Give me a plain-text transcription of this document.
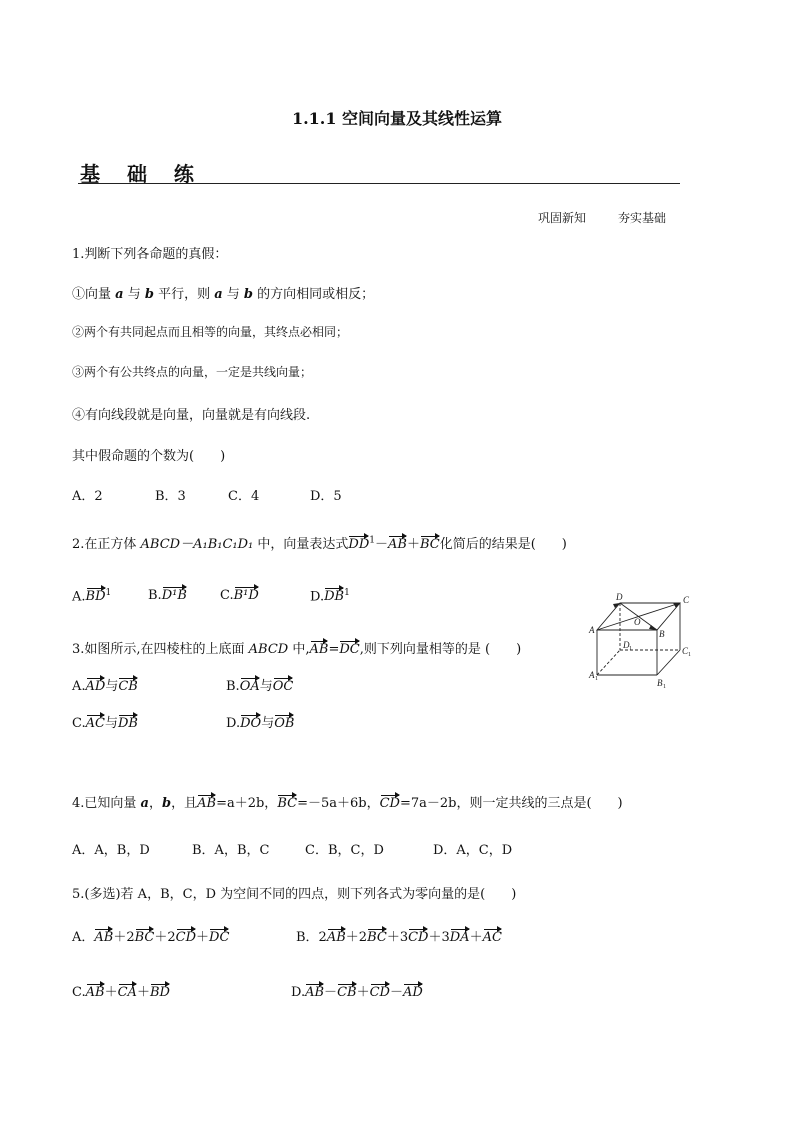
1.1.1 空间向量及其线性运算
基 础 练
巩固新知	夯实基础
1.判断下列各命题的真假：
①向量 a 与 b 平行，则 a 与 b 的方向相同或相反；
②两个有共同起点而且相等的向量，其终点必相同；
③两个有公共终点的向量，一定是共线向量；
④有向线段就是向量，向量就是有向线段.
其中假命题的个数为(　　)
A．2	B．3	C．4	D．5
2.在正方体 ABCD－A₁B₁C₁D₁ 中，向量表达式$DD^1-AB+BC$化简后的结果是(　　)
$A.BD^1$	B.D¹B	C.B¹D	$D.DB^1$
3.如图所示,在四棱柱的上底面 ABCD 中,AB=DC,则下列向量相等的是 (　　)
A.AD与CB	B.OA与OC
C.AC与DB	D.DO与OB
D	C
A
O
B
D
C
A
B
1
1
1
1
4.已知向量 a，b，且AB=a＋2b，BC=－5a＋6b，CD=7a－2b，则一定共线的三点是(　　)
A．A，B，D	B．A，B，C	C．B，C，D	D．A，C，D
5.(多选)若 A，B，C，D 为空间不同的四点，则下列各式为零向量的是(　　)
A．AB＋2BC＋2CD＋DC	B．2AB＋2BC＋3CD＋3DA＋AC
C.AB＋CA＋BD	D.AB－CB＋CD－AD
